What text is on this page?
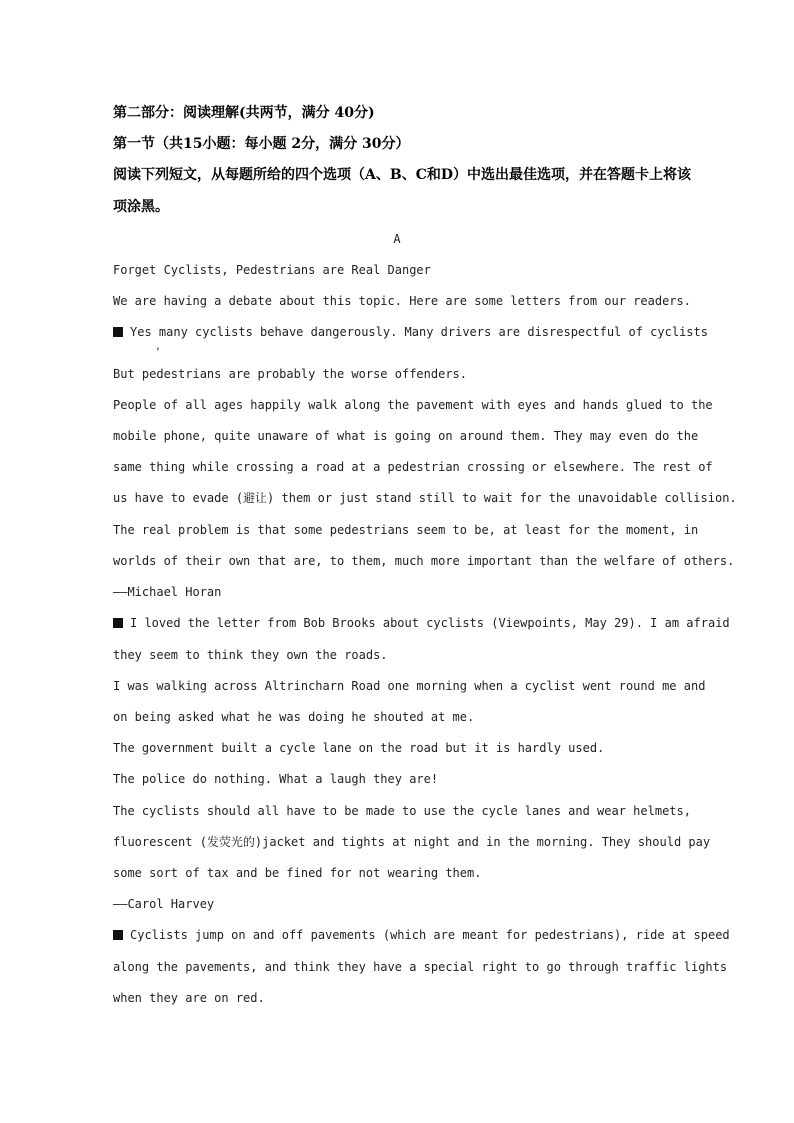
第二部分：阅读理解(共两节，满分 40分)
第一节（共15小题：每小题 2分，满分 30分）
阅读下列短文，从每题所给的四个选项（A、B、C和D）中选出最佳选项，并在答题卡上将该
项涂黑。
A
Forget Cyclists, Pedestrians are Real Danger
We are having a debate about this topic. Here are some letters from our readers.
Yes many cyclists behave dangerously. Many drivers are disrespectful of cyclists
,
But pedestrians are probably the worse offenders.
People of all ages happily walk along the pavement with eyes and hands glued to the
mobile phone, quite unaware of what is going on around them. They may even do the
same thing while crossing a road at a pedestrian crossing or elsewhere. The rest of
us have to evade (避让) them or just stand still to wait for the unavoidable collision.
The real problem is that some pedestrians seem to be, at least for the moment, in
worlds of their own that are, to them, much more important than the welfare of others.
——Michael Horan
I loved the letter from Bob Brooks about cyclists (Viewpoints, May 29). I am afraid
they seem to think they own the roads.
I was walking across Altrincharn Road one morning when a cyclist went round me and
on being asked what he was doing he shouted at me.
The government built a cycle lane on the road but it is hardly used.
The police do nothing. What a laugh they are!
The cyclists should all have to be made to use the cycle lanes and wear helmets,
fluorescent (发荧光的)jacket and tights at night and in the morning. They should pay
some sort of tax and be fined for not wearing them.
——Carol Harvey
Cyclists jump on and off pavements (which are meant for pedestrians), ride at speed
along the pavements, and think they have a special right to go through traffic lights
when they are on red.
